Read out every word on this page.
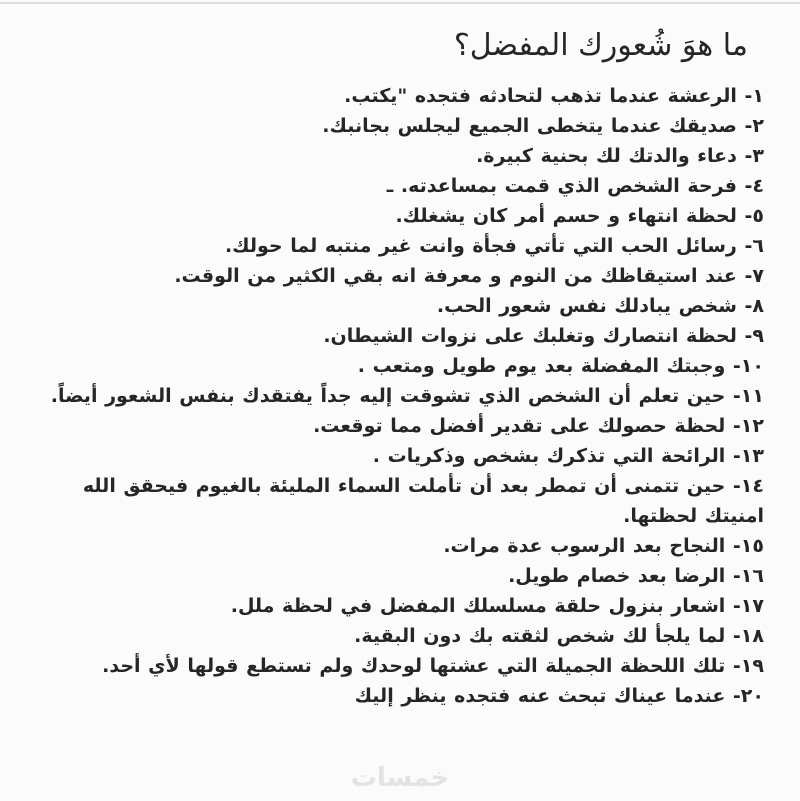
ما هوَ شُعورك المفضل؟

١- الرعشة عندما تذهب لتحادثه فتجده "يكتب.

٢- صديقك عندما يتخطى الجميع ليجلس بجانبك.

٣- دعاء والدتك لك بحنية كبيرة.

٤- فرحة الشخص الذي قمت بمساعدته. ـ

٥- لحظة انتهاء و حسم أمر كان يشغلك.

٦- رسائل الحب التي تأتي فجأة وانت غير منتبه لما حولك.

٧- عند استيقاظك من النوم و معرفة انه بقي الكثير من الوقت.

٨- شخص يبادلك نفس شعور الحب.

٩- لحظة انتصارك وتغلبك على نزوات الشيطان.

١٠- وجبتك المفضلة بعد يوم طويل ومتعب .

١١- حين تعلم أن الشخص الذي تشوقت إليه جداً يفتقدك بنفس الشعور أيضاً.

١٢- لحظة حصولك على تقدير أفضل مما توقعت.

١٣- الرائحة التي تذكرك بشخص وذكريات .

١٤- حين تتمنى أن تمطر بعد أن تأملت السماء المليئة بالغيوم فيحقق الله امنيتك لحظتها.

١٥- النجاح بعد الرسوب عدة مرات.

١٦- الرضا بعد خصام طويل.

١٧- اشعار بنزول حلقة مسلسلك المفضل في لحظة ملل.

١٨- لما يلجأ لك شخص لثقته بك دون البقية.

١٩- تلك اللحظة الجميلة التي عشتها لوحدك ولم تستطع قولها لأي أحد.

٢٠- عندما عيناك تبحث عنه فتجده ينظر إليك

خمسات
